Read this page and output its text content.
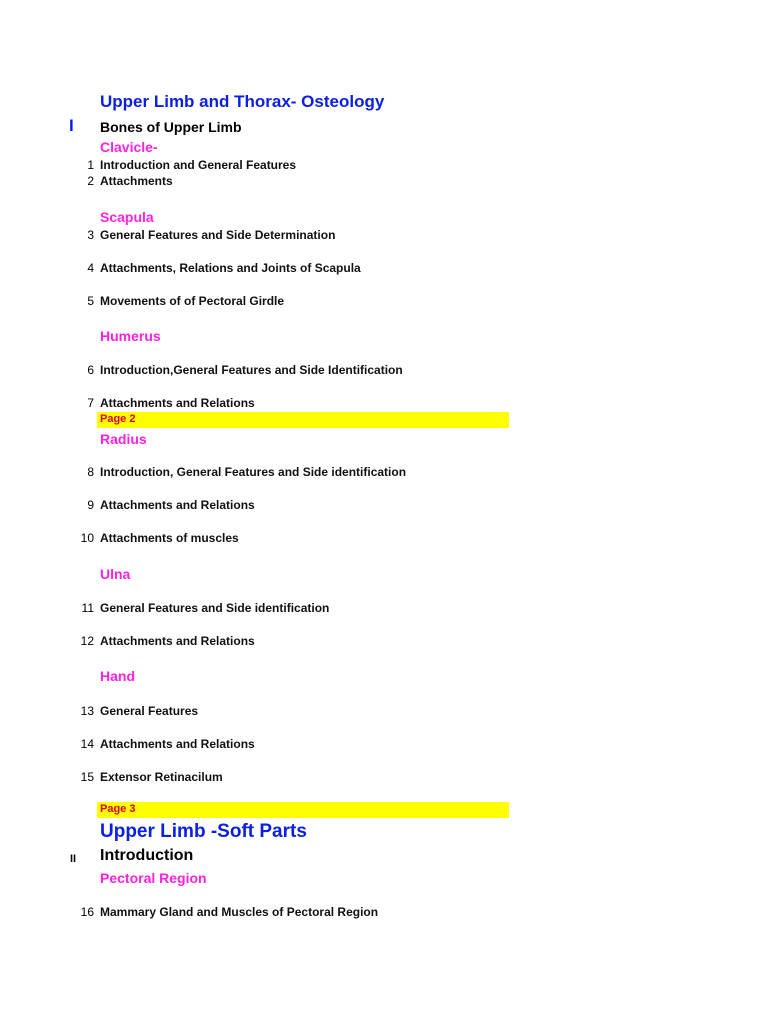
Upper Limb and Thorax- Osteology
I Bones of Upper Limb
Clavicle-
1 Introduction and General Features
2 Attachments
Scapula
3 General Features and Side Determination
4 Attachments, Relations and Joints of Scapula
5 Movements of of Pectoral Girdle
Humerus
6 Introduction,General Features and Side Identification
7 Attachments and Relations
Page 2
Radius
8 Introduction, General Features and Side identification
9 Attachments and Relations
10 Attachments of muscles
Ulna
11 General Features and Side identification
12 Attachments and Relations
Hand
13 General Features
14 Attachments and Relations
15 Extensor Retinacilum
Page 3
Upper Limb -Soft Parts
II Introduction
Pectoral Region
16 Mammary Gland and Muscles of Pectoral Region
